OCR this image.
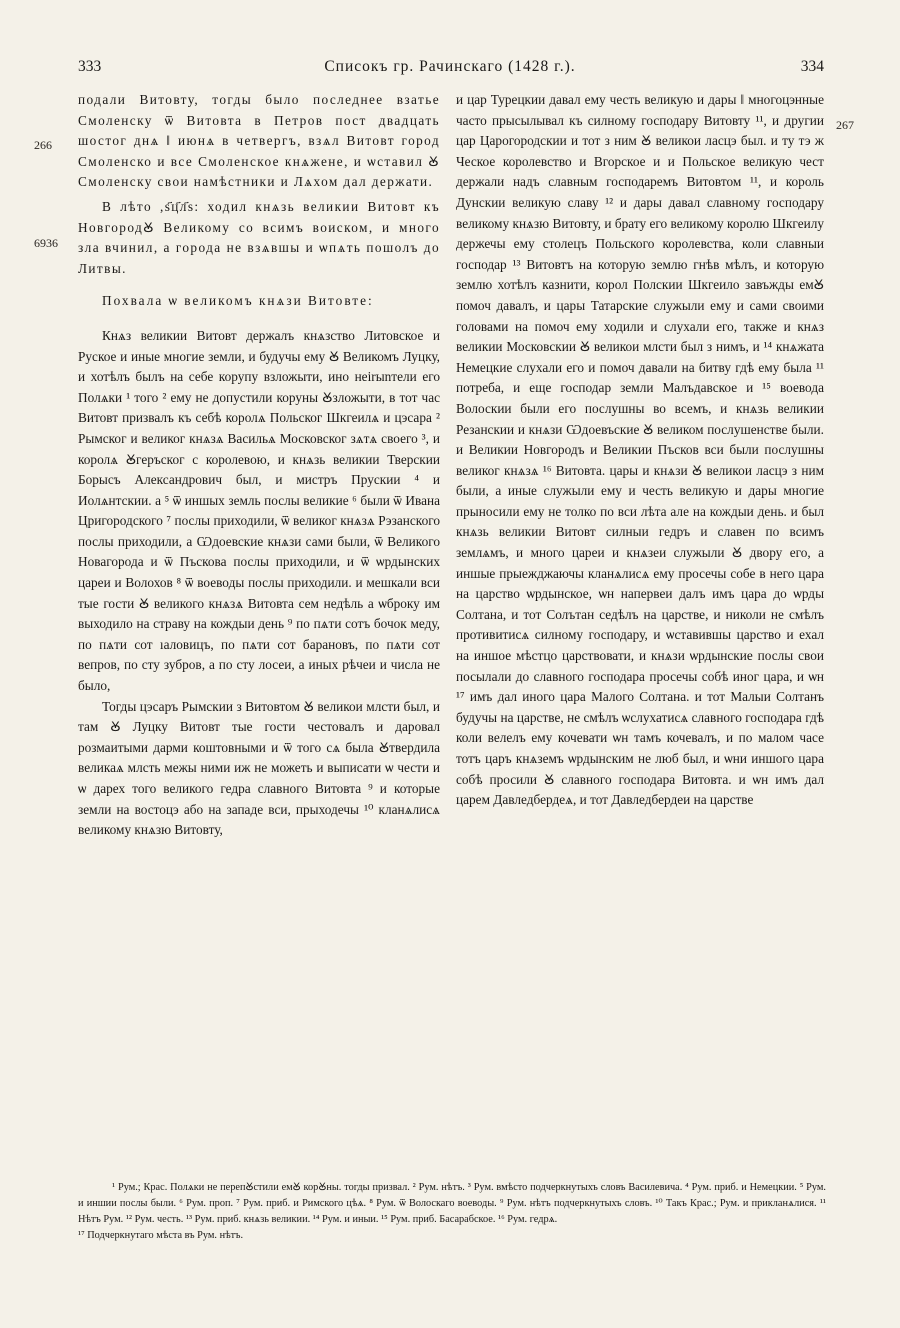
333	Списокъ гр. Рачинскаго (1428 г.).	334
266
6936
267

подали Витовту, тогды было последнее взатье Смоленску ѿ Витовта в Петров пост двадцать шостог днѧ ‖ июнѧ в четвергъ, взѧл Витовт город Смоленско и все Смоленское кнѧжене, и ѡставил Ꙋ Смоленску свои намѣстники и Лѧхом дал держати.

В лѣто ,ѕ҃ц҃л҃ѕ: ходил кнѧзь великии Витовт къ НовгородꙊ Великому со всимъ воиском, и много зла вчинил, а города не взѧвшы и ѡпѧть пошолъ до Литвы.

Похвала ѡ великомъ кнѧзи Витовте:

Кнѧз великии Витовт держалъ кнѧзство Литовское и Руское и иные многие земли, и будучы ему Ꙋ Великомъ Луцку, и хотѣлъ былъ на себе корупу взложыти, ино неirыnтели его Полѧки ¹ того ² ему не допустили коруны Ꙋзложыти, в тот час Витовт призвалъ къ себѣ королѧ Польског Шкгеилѧ и цэсара ² Рымског и великог кнѧзѧ Васильѧ Московског зѧтѧ своего ³, и королѧ Ꙋгеръског с королевою, и кнѧзь великии Тверскии Борысъ Александрович был, и мистръ Прускии ⁴ и Иолѧнтскии. а ⁵ ѿ иншых земль послы великие ⁶ были ѿ Ивана Цригородского ⁷ послы приходили, ѿ великог кнѧзѧ Рэзанского послы приходили, а Ѡдоевские кнѧзи сами были, ѿ Великого Новагорода и ѿ Пъскова послы приходили, и ѿ ѡрдынских цареи и Волохов ⁸ ѿ воеводы послы приходили. и мешкали вси тые гости Ꙋ великого кнѧзѧ Витовта сем недѣль а ѡброку им выходило на страву на кождыи день ⁹ по пѧти сотъ бочок меду, по пѧти сот ıаловицъ, по пѧти сот барановъ, по пѧти сот вепров, по сту зубров, а по сту лосеи, а иных рѣчеи и числа не было,

Тогды цэсаръ Рымскии з Витовтом Ꙋ великои млсти был, и там Ꙋ Луцку Витовт тые гости честовалъ и даровал розмаитыми дарми коштовными и ѿ того сѧ была Ꙋтвердила великаѧ млсть межы ними иж не можеть и выписати ѡ чести и ѡ дарех того великого гедра славного Витовта ⁹ и которые земли на востоцэ або на западе вси, прыходечы ¹⁰ кланѧлисѧ великому кнѧзю Витовту,

и цар Турецкии давал ему честь великую и дары ‖ многоцэнные часто прысылывал къ силному господару Витовту ¹¹, и другии цар Царогородскии и тот з ним Ꙋ великои ласцэ был. и ту тэ ж Ческое королевство и Вгорское и и Польское великую чест держали надъ славным господаремъ Витовтом ¹¹, и король Дунскии великую славу ¹² и дары давал славному господару великому кнѧзю Витовту, и брату его великому королю Шкгеилу держечы ему столецъ Польского королевства, коли славныи господар ¹³ Витовтъ на которую землю гнѣв мѣлъ, и которую землю хотѣлъ казнити, корол Полскии Шкгеило завъжды емꙊ помоч давалъ, и цары Татарские служыли ему и сами своими головами на помоч ему ходили и слухали его, также и кнѧз великии Московскии Ꙋ великои млсти был з нимъ, и ¹⁴ кнѧжата Немецкие слухали его и помоч давали на битву гдѣ ему была ¹¹ потреба, и еще господар земли Малъдавское и ¹⁵ воевода Волоскии были его послушны во всемъ, и кнѧзь великии Резанскии и кнѧзи Ѡдоевъские Ꙋ великом послушенстве были. и Великии Новгородъ и Великии Пъсков вси были послушны великог кнѧзѧ ¹⁶ Витовта. цары и кнѧзи Ꙋ великои ласцэ з ним были, а иные служыли ему и честь великую и дары многие прыносили ему не толко по вси лѣта але на кождыи день. и был кнѧзь великии Витовт силныи гедръ и славен по всимъ землѧмъ, и много цареи и кнѧзеи служыли Ꙋ двору его, а иншые прыежджаючы кланѧлисѧ ему просечы собе в него цара на царство ѡрдынское, ѡн напервеи далъ имъ цара до ѡрды Солтана, и тот Солътан седѣлъ на царстве, и николи не смѣлъ противитисѧ силному господару, и ѡставившы царство и ехал на иншое мѣстцо царствовати, и кнѧзи ѡрдынские послы свои посылали до славного господара просечы собѣ иног цара, и ѡн ¹⁷ имъ дал иного цара Малого Солтана. и тот Малыи Солтанъ будучы на царстве, не смѣлъ ѡслухатисѧ славного господара гдѣ коли велелъ ему кочевати ѡн тамъ кочевалъ, и по малом часе тотъ царъ кнѧземъ ѡрдынским не люб был, и ѡни иншого цара собѣ просили Ꙋ славного господара Витовта. и ѡн имъ дал царем Давледбердеѧ, и тот Давледбердеи на царстве

¹ Рум.; Крас. Полѧки не перепꙊстили емꙊ корꙊны. тогды призвал. ² Рум. нѣтъ. ³ Рум. вмѣсто подчеркнутыхъ словъ Василевича. ⁴ Рум. приб. и Немецкии. ⁵ Рум. и иншии послы были. ⁶ Рум. проп. ⁷ Рум. приб. и Римского цѣѧ. ⁸ Рум. ѿ Волоскаго воеводы. ⁹ Рум. нѣтъ подчеркнутыхъ словъ. ¹⁰ Такъ Крас.; Рум. и прикланѧлися. ¹¹ Нѣтъ Рум. ¹² Рум. честь. ¹³ Рум. приб. кнѧзь великии. ¹⁴ Рум. и иныи. ¹⁵ Рум. приб. Басарабское. ¹⁶ Рум. гедрѧ.

¹⁷ Подчеркнутаго мѣста въ Рум. нѣтъ.
